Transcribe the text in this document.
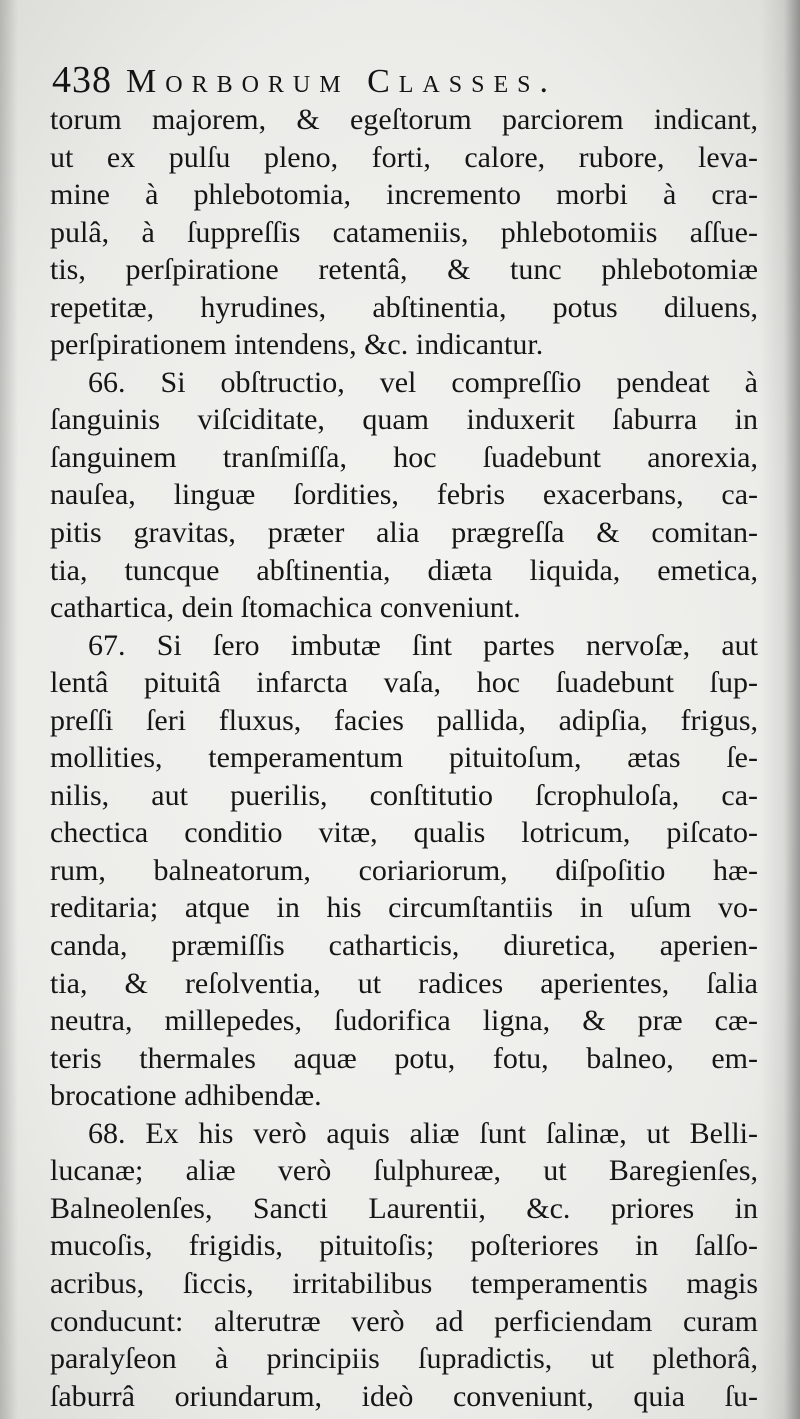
438 Morborum Classes.
torum majorem, & egeſtorum parciorem indicant,
ut ex pulſu pleno, forti, calore, rubore, leva-
mine à phlebotomia, incremento morbi à cra-
pulâ, à ſuppreſſis catameniis, phlebotomiis aſſue-
tis, perſpiratione retentâ, & tunc phlebotomiæ
repetitæ, hyrudines, abſtinentia, potus diluens,
perſpirationem intendens, &c. indicantur.
66. Si obſtructio, vel compreſſio pendeat à
ſanguinis viſciditate, quam induxerit ſaburra in
ſanguinem tranſmiſſa, hoc ſuadebunt anorexia,
nauſea, linguæ ſordities, febris exacerbans, ca-
pitis gravitas, præter alia prægreſſa & comitan-
tia, tuncque abſtinentia, diæta liquida, emetica,
cathartica, dein ſtomachica conveniunt.
67. Si ſero imbutæ ſint partes nervoſæ, aut
lentâ pituitâ infarcta vaſa, hoc ſuadebunt ſup-
preſſi ſeri fluxus, facies pallida, adipſia, frigus,
mollities, temperamentum pituitoſum, ætas ſe-
nilis, aut puerilis, conſtitutio ſcrophuloſa, ca-
chectica conditio vitæ, qualis lotricum, piſcato-
rum, balneatorum, coriariorum, diſpoſitio hæ-
reditaria; atque in his circumſtantiis in uſum vo-
canda, præmiſſis catharticis, diuretica, aperien-
tia, & reſolventia, ut radices aperientes, ſalia
neutra, millepedes, ſudorifica ligna, & præ cæ-
teris thermales aquæ potu, fotu, balneo, em-
brocatione adhibendæ.
68. Ex his verò aquis aliæ ſunt ſalinæ, ut Belli-
lucanæ; aliæ verò ſulphureæ, ut Baregienſes,
Balneolenſes, Sancti Laurentii, &c. priores in
mucoſis, frigidis, pituitoſis; poſteriores in ſalſo-
acribus, ſiccis, irritabilibus temperamentis magis
conducunt: alterutræ verò ad perficiendam curam
paralyſeon à principiis ſupradictis, ut plethorâ,
ſaburrâ oriundarum, ideò conveniunt, quia ſu-
